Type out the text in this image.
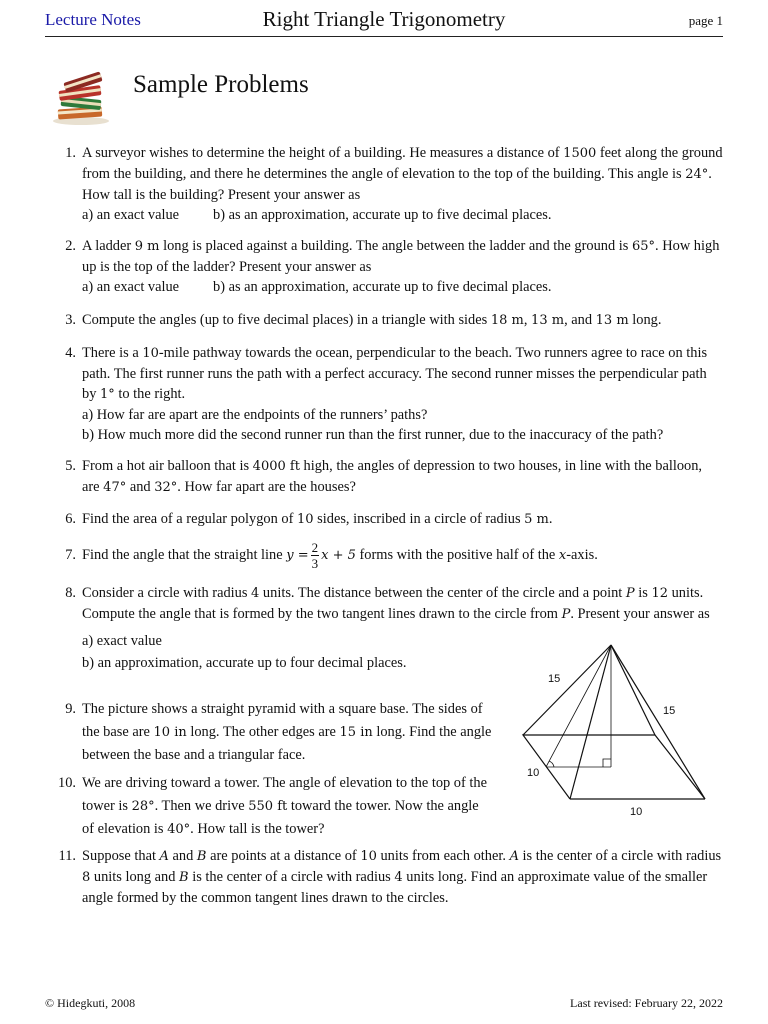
Lecture Notes	Right Triangle Trigonometry	page 1
Sample Problems
1. A surveyor wishes to determine the height of a building. He measures a distance of 1500 feet along the ground from the building, and there he determines the angle of elevation to the top of the building. This angle is 24°. How tall is the building? Present your answer as

a) an exact value b) as an approximation, accurate up to five decimal places.

2. A ladder 9 m long is placed against a building. The angle between the ladder and the ground is 65°. How high up is the top of the ladder? Present your answer as

a) an exact value b) as an approximation, accurate up to five decimal places.

3. Compute the angles (up to five decimal places) in a triangle with sides 18 m, 13 m, and 13 m long.

4. There is a 10-mile pathway towards the ocean, perpendicular to the beach. Two runners agree to race on this path. The first runner runs the path with a perfect accuracy. The second runner misses the perpendicular path by 1° to the right.

a) How far are apart are the endpoints of the runners’ paths?

b) How much more did the second runner run than the first runner, due to the inaccuracy of the path?

5. From a hot air balloon that is 4000 ft high, the angles of depression to two houses, in line with the balloon, are 47° and 32°. How far apart are the houses?

6. Find the area of a regular polygon of 10 sides, inscribed in a circle of radius 5 m.

7. Find the angle that the straight line $y = \frac{2}{3}$ x + 5 forms with the positive half of the x-axis.

8. Consider a circle with radius 4 units. The distance between the center of the circle and a point P is 12 units. Compute the angle that is formed by the two tangent lines drawn to the circle from P. Present your answer as

a) exact value

b) an approximation, accurate up to four decimal places.

9. The picture shows a straight pyramid with a square base. The sides of the base are 10 in long. The other edges are 15 in long. Find the angle between the base and a triangular face.

10. We are driving toward a tower. The angle of elevation to the top of the tower is 28°. Then we drive 550 ft toward the tower. Now the angle of elevation is 40°. How tall is the tower?

11. Suppose that A and B are points at a distance of 10 units from each other. A is the center of a circle with radius 8 units long and B is the center of a circle with radius 4 units long. Find an approximate value of the smaller angle formed by the common tangent lines drawn to the circles.

15
15
10
10
© Hidegkuti, 2008	Last revised: February 22, 2022
